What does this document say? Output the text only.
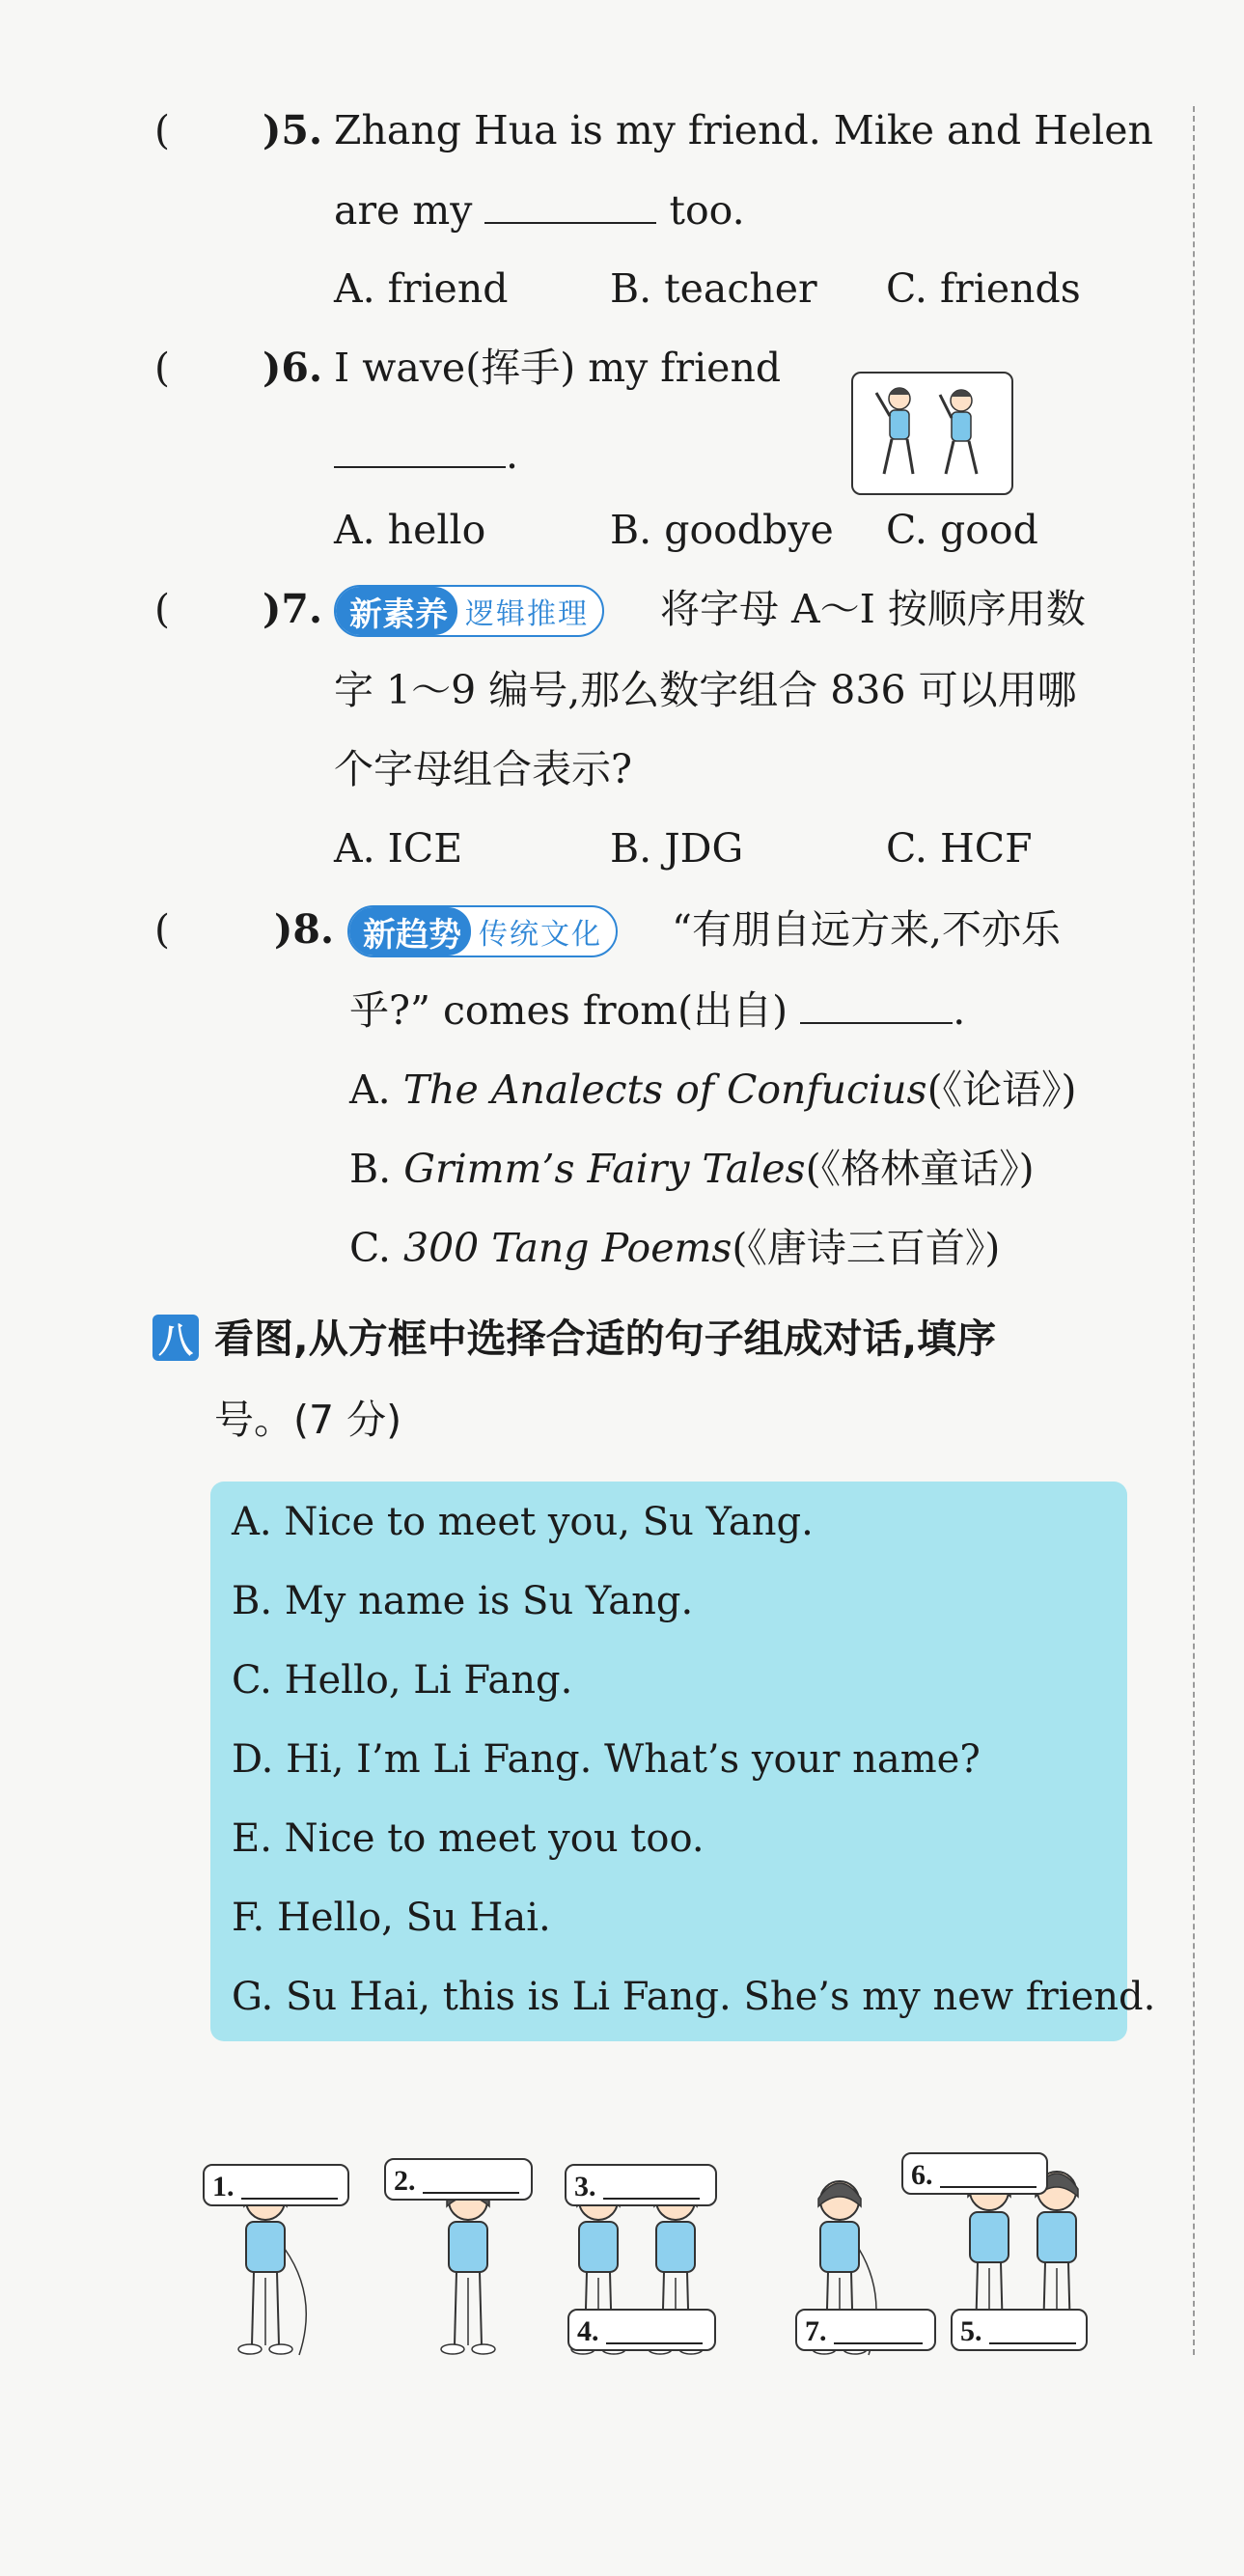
( )5. Zhang Hua is my friend. Mike and Helen
are my	too.
A. friend	B. teacher C. friends
( )6. I wave(挥手) my friend
.
A. hello	B. goodbye C. good
( )7. 新素养 逻辑推理	将字母 A～I 按顺序用数
字 1～9 编号,那么数字组合 836 可以用哪
个字母组合表示?
A. ICE	B. JDG	C. HCF
(	)8. 新趋势 传统文化	“有朋自远方来,不亦乐
乎?” comes from(出自)	.
A. The Analects of Confucius(《论语》)
B. Grimm’s Fairy Tales(《格林童话》)
C. 300 Tang Poems(《唐诗三百首》)
八 看图,从方框中选择合适的句子组成对话,填序
号。(7 分)
A. Nice to meet you, Su Yang.
B. My name is Su Yang.
C. Hello, Li Fang.
D. Hi, I’m Li Fang. What’s your name?
E. Nice to meet you too.
F. Hello, Su Hai.
G. Su Hai, this is Li Fang. She’s my new friend.
1.	2.	3.
4.	5.
6.
7.
